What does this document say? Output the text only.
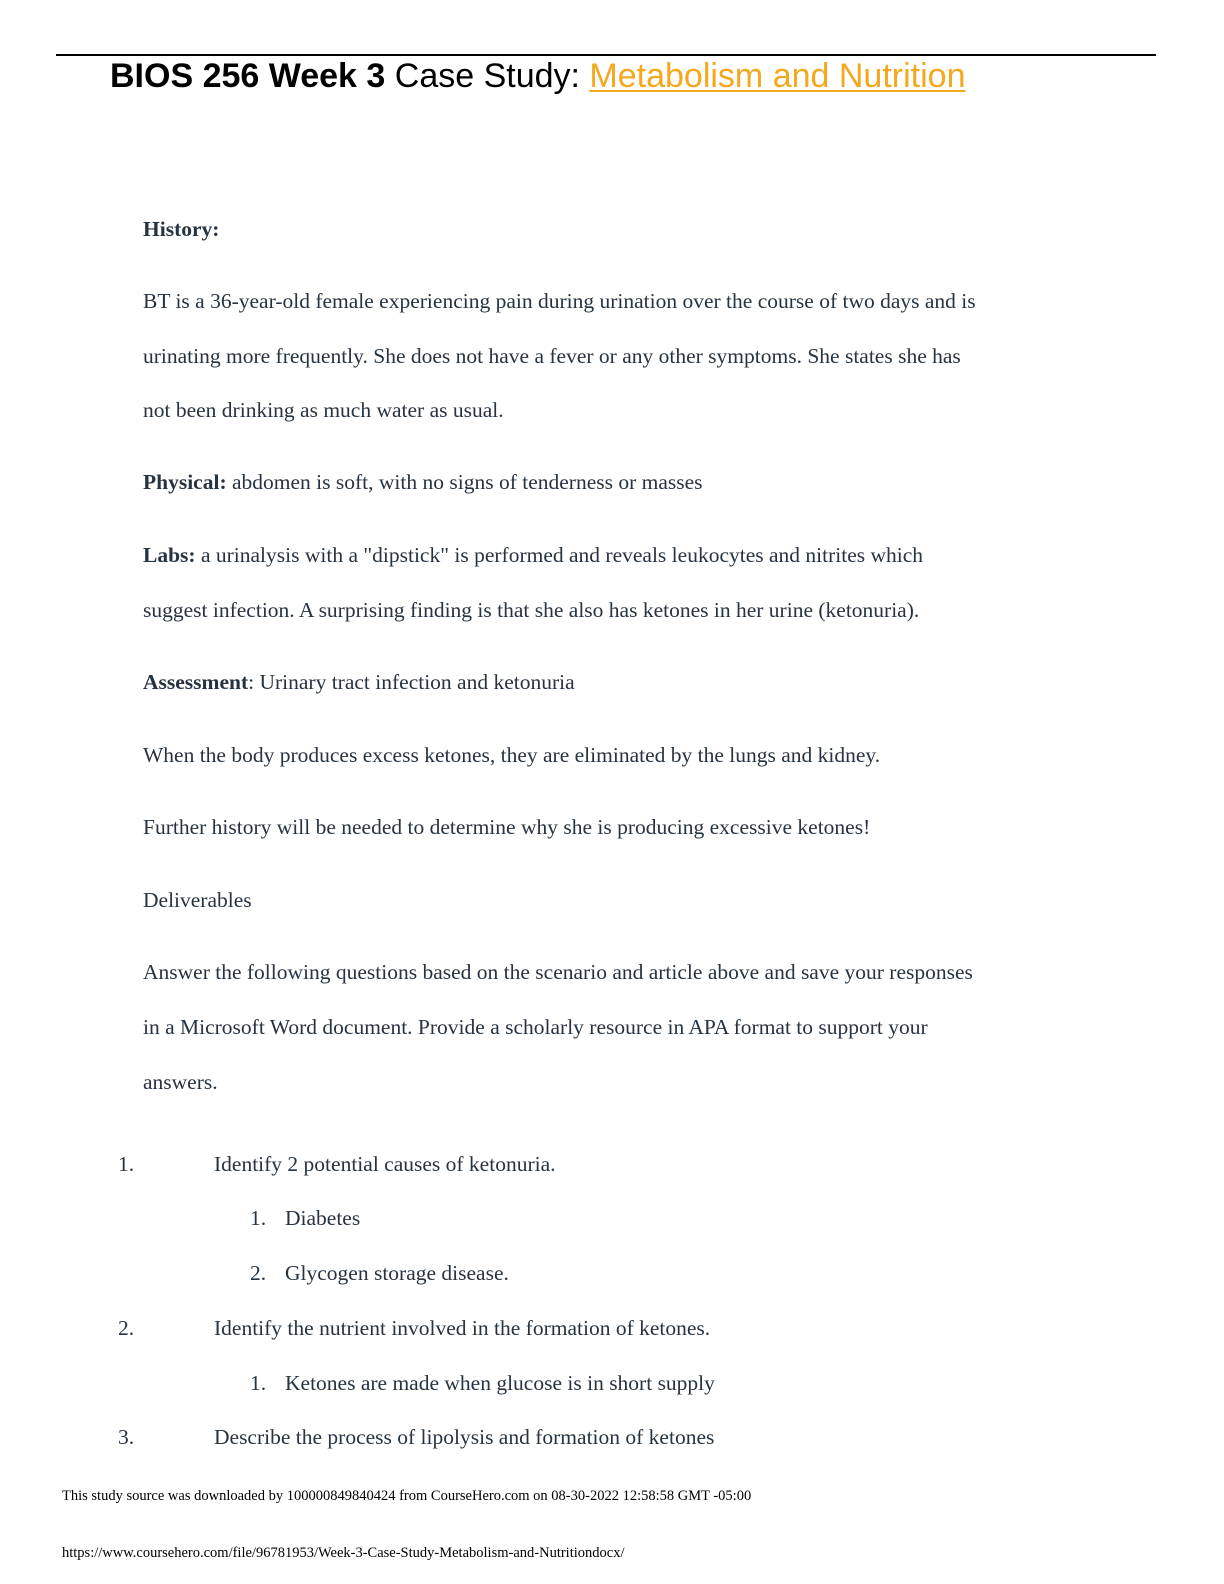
BIOS 256 Week 3 Case Study: Metabolism and Nutrition
History:
BT is a 36-year-old female experiencing pain during urination over the course of two days and is
urinating more frequently. She does not have a fever or any other symptoms. She states she has
not been drinking as much water as usual.
Physical: abdomen is soft, with no signs of tenderness or masses
Labs: a urinalysis with a "dipstick" is performed and reveals leukocytes and nitrites which
suggest infection. A surprising finding is that she also has ketones in her urine (ketonuria).
Assessment: Urinary tract infection and ketonuria
When the body produces excess ketones, they are eliminated by the lungs and kidney.
Further history will be needed to determine why she is producing excessive ketones!
Deliverables
Answer the following questions based on the scenario and article above and save your responses
in a Microsoft Word document. Provide a scholarly resource in APA format to support your
answers.
1.	Identify 2 potential causes of ketonuria.
1. Diabetes
2. Glycogen storage disease.
2.	Identify the nutrient involved in the formation of ketones.
1. Ketones are made when glucose is in short supply
3.	Describe the process of lipolysis and formation of ketones
This study source was downloaded by 100000849840424 from CourseHero.com on 08-30-2022 12:58:58 GMT -05:00
https://www.coursehero.com/file/96781953/Week-3-Case-Study-Metabolism-and-Nutritiondocx/
